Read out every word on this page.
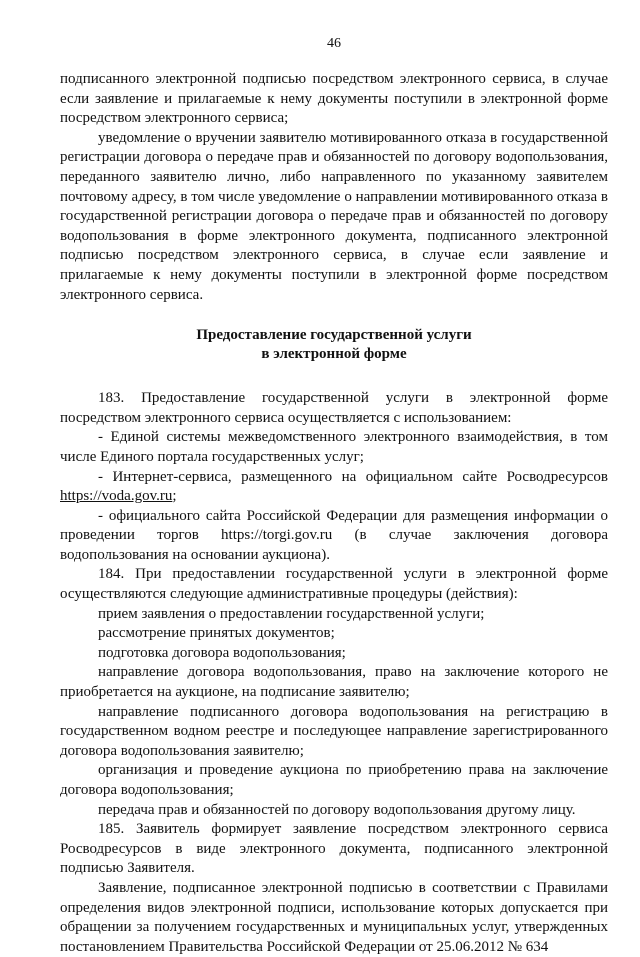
46

подписанного электронной подписью посредством электронного сервиса, в случае если заявление и прилагаемые к нему документы поступили в электронной форме посредством электронного сервиса;

уведомление о вручении заявителю мотивированного отказа в государственной регистрации договора о передаче прав и обязанностей по договору водопользования, переданного заявителю лично, либо направленного по указанному заявителем почтовому адресу, в том числе уведомление о направлении мотивированного отказа в государственной регистрации договора о передаче прав и обязанностей по договору водопользования в форме электронного документа, подписанного электронной подписью посредством электронного сервиса, в случае если заявление и прилагаемые к нему документы поступили в электронной форме посредством электронного сервиса.

Предоставление государственной услуги
в электронной форме

183. Предоставление государственной услуги в электронной форме посредством электронного сервиса осуществляется с использованием:

- Единой системы межведомственного электронного взаимодействия, в том числе Единого портала государственных услуг;

- Интернет-сервиса, размещенного на официальном сайте Росводресурсов https://voda.gov.ru;

- официального сайта Российской Федерации для размещения информации о проведении торгов https://torgi.gov.ru (в случае заключения договора водопользования на основании аукциона).

184. При предоставлении государственной услуги в электронной форме осуществляются следующие административные процедуры (действия):

прием заявления о предоставлении государственной услуги;

рассмотрение принятых документов;

подготовка договора водопользования;

направление договора водопользования, право на заключение которого не приобретается на аукционе, на подписание заявителю;

направление подписанного договора водопользования на регистрацию в государственном водном реестре и последующее направление зарегистрированного договора водопользования заявителю;

организация и проведение аукциона по приобретению права на заключение договора водопользования;

передача прав и обязанностей по договору водопользования другому лицу.

185. Заявитель формирует заявление посредством электронного сервиса Росводресурсов в виде электронного документа, подписанного электронной подписью Заявителя.

Заявление, подписанное электронной подписью в соответствии с Правилами определения видов электронной подписи, использование которых допускается при обращении за получением государственных и муниципальных услуг, утвержденных постановлением Правительства Российской Федерации от 25.06.2012 № 634
